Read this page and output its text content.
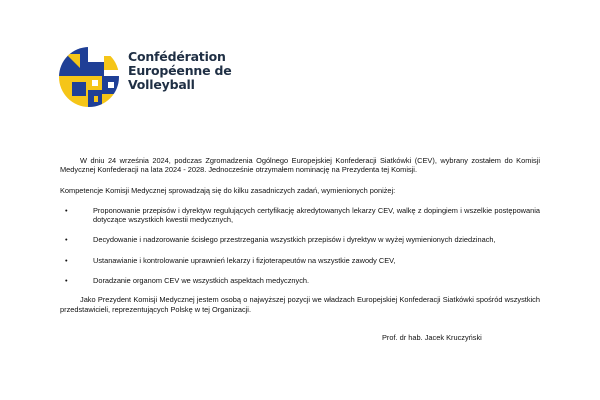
Confédération
Européenne de
Volleyball

W dniu 24 września 2024, podczas Zgromadzenia Ogólnego Europejskiej Konfederacji Siatkówki (CEV), wybrany zostałem do Komisji Medycznej Konfederacji na lata 2024 - 2028. Jednocześnie otrzymałem nominację na Prezydenta tej Komisji.

Kompetencje Komisji Medycznej sprowadzają się do kilku zasadniczych zadań, wymienionych poniżej:

•	Proponowanie przepisów i dyrektyw regulujących certyfikację akredytowanych lekarzy CEV, walkę z dopingiem i wszelkie postępowania dotyczące wszystkich kwestii medycznych,
•	Decydowanie i nadzorowanie ścisłego przestrzegania wszystkich przepisów i dyrektyw w wyżej wymienionych dziedzinach,
•	Ustanawianie i kontrolowanie uprawnień lekarzy i fizjoterapeutów na wszystkie zawody CEV,
•	Doradzanie organom CEV we wszystkich aspektach medycznych.

Jako Prezydent Komisji Medycznej jestem osobą o najwyższej pozycji we władzach Europejskiej Konfederacji Siatkówki spośród wszystkich przedstawicieli, reprezentujących Polskę w tej Organizacji.

Prof. dr hab. Jacek Kruczyński
